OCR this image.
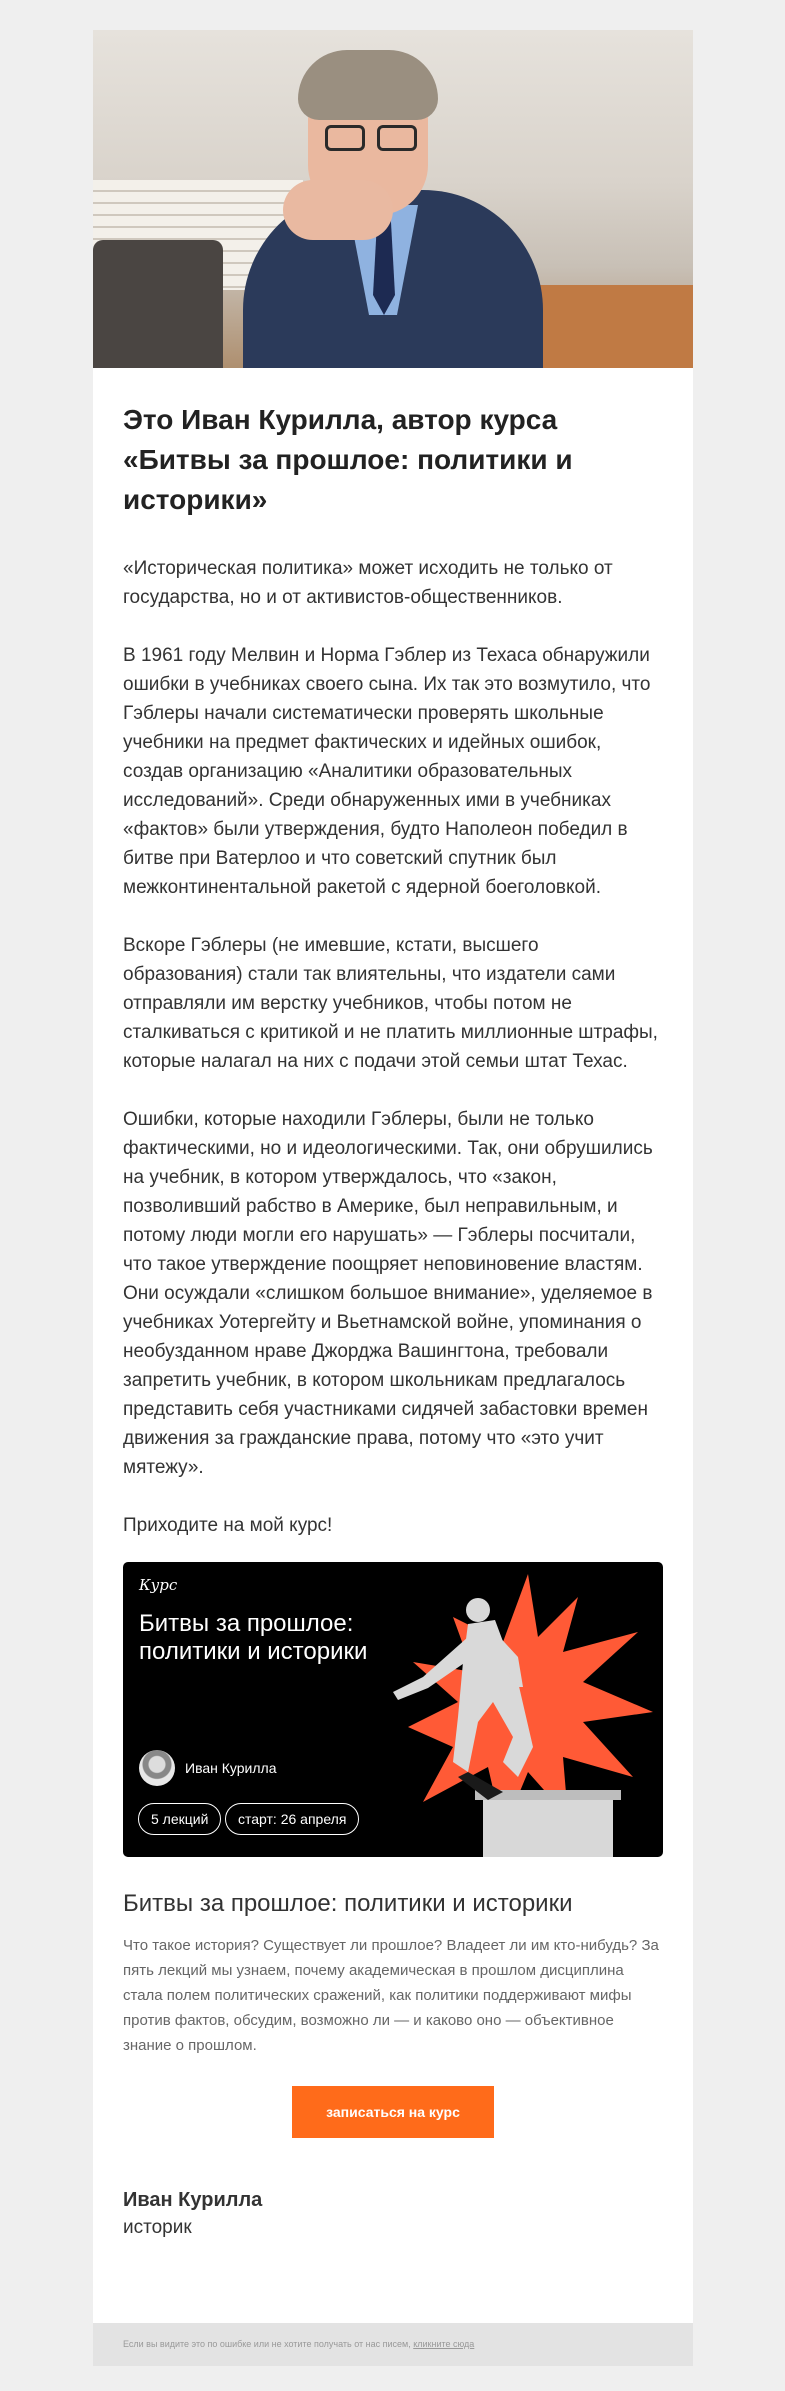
Это Иван Курилла, автор курса «Битвы за прошлое: политики и историки»

«Историческая политика» может исходить не только от государства, но и от активистов-общественников.

В 1961 году Мелвин и Норма Гэблер из Техаса обнаружили ошибки в учебниках своего сына. Их так это возмутило, что Гэблеры начали систематически проверять школьные учебники на предмет фактических и идейных ошибок, создав организацию «Аналитики образовательных исследований». Среди обнаруженных ими в учебниках «фактов» были утверждения, будто Наполеон победил в битве при Ватерлоо и что советский спутник был межконтинентальной ракетой с ядерной боеголовкой.

Вскоре Гэблеры (не имевшие, кстати, высшего образования) стали так влиятельны, что издатели сами отправляли им верстку учебников, чтобы потом не сталкиваться с критикой и не платить миллионные штрафы, которые налагал на них с подачи этой семьи штат Техас.

Ошибки, которые находили Гэблеры, были не только фактическими, но и идеологическими. Так, они обрушились на учебник, в котором утверждалось, что «закон, позволивший рабство в Америке, был неправильным, и потому люди могли его нарушать» — Гэблеры посчитали, что такое утверждение поощряет неповиновение властям. Они осуждали «слишком большое внимание», уделяемое в учебниках Уотергейту и Вьетнамской войне, упоминания о необузданном нраве Джорджа Вашингтона, требовали запретить учебник, в котором школьникам предлагалось представить себя участниками сидячей забастовки времен движения за гражданские права, потому что «это учит мятежу».

Приходите на мой курс!

Курс
Битвы за прошлое: политики и историки
Иван Курилла
5 лекций	старт: 26 апреля
Битвы за прошлое: политики и историки

Что такое история? Существует ли прошлое? Владеет ли им кто-нибудь? За пять лекций мы узнаем, почему академическая в прошлом дисциплина стала полем политических сражений, как политики поддерживают мифы против фактов, обсудим, возможно ли — и каково оно — объективное знание о прошлом.

записаться на курс
Иван Курилла
историк
Если вы видите это по ошибке или не хотите получать от нас писем, кликните сюда
